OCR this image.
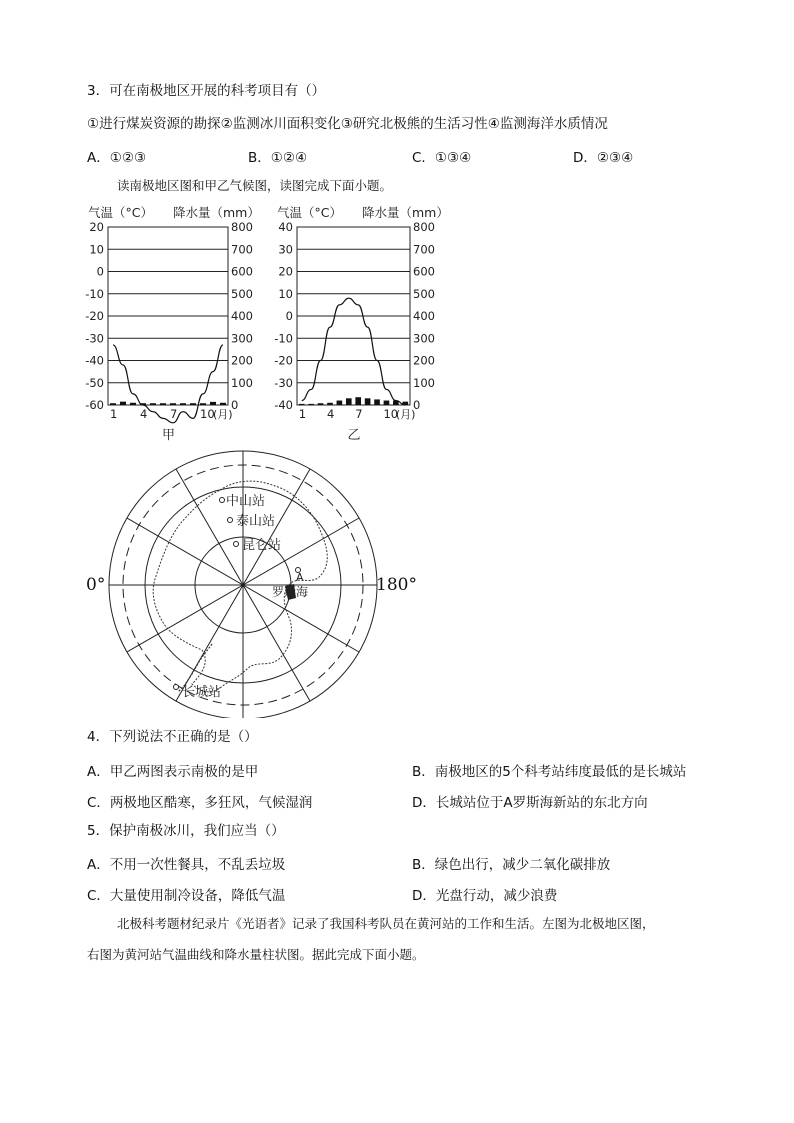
3．可在南极地区开展的科考项目有（）
①进行煤炭资源的勘探②监测冰川面积变化③研究北极熊的生活习性④监测海洋水质情况
A．①②③	B．①②④	C．①③④	D．②③④
读南极地区图和甲乙气候图，读图完成下面小题。
气温（°C） 降水量（mm）
20	800
10	700
0	600
-10	500
-20	400
-30	300
-40	200
-50	100
-60	0
1 4 7 10
(月)
甲
气温（°C） 降水量（mm）
40	800
30	700
20	600
10	500
0	400
-10	300
-20	200
-30	100
-40	0
1 4 7 10
(月)
乙
中山站
泰山站
昆仑站
A
罗斯海
长城站
0°	180°
4．下列说法不正确的是（）
A．甲乙两图表示南极的是甲	B．南极地区的5个科考站纬度最低的是长城站
C．两极地区酷寒，多狂风，气候湿润	D．长城站位于A罗斯海新站的东北方向
5．保护南极冰川，我们应当（）
A．不用一次性餐具，不乱丢垃圾	B．绿色出行，减少二氧化碳排放
C．大量使用制冷设备，降低气温	D．光盘行动，减少浪费
北极科考题材纪录片《光语者》记录了我国科考队员在黄河站的工作和生活。左图为北极地区图，
右图为黄河站气温曲线和降水量柱状图。据此完成下面小题。
